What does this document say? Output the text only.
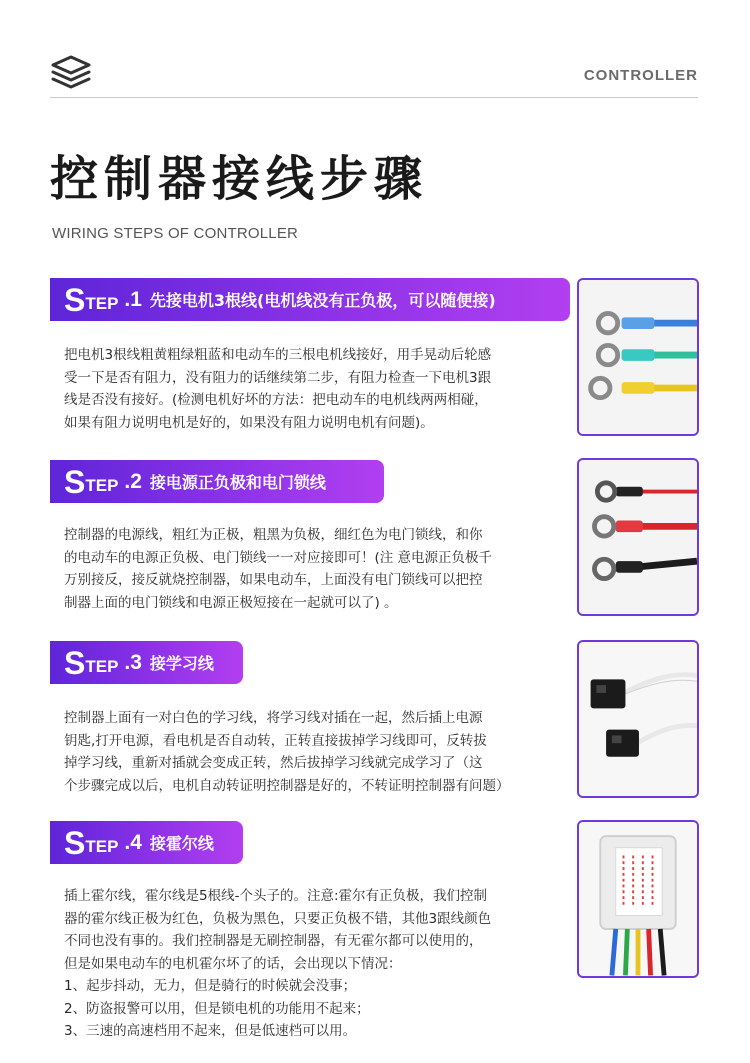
CONTROLLER
控制器接线步骤
WIRING STEPS OF CONTROLLER
S TEP .1 先接电机3根线(电机线没有正负极，可以随便接)
把电机3根线粗黄粗绿粗蓝和电动车的三根电机线接好，用手晃动后轮感
受一下是否有阻力，没有阻力的话继续第二步，有阻力检查一下电机3跟
线是否没有接好。(检测电机好坏的方法：把电动车的电机线两两相碰，
如果有阻力说明电机是好的，如果没有阻力说明电机有问题)。
S TEP .2 接电源正负极和电门锁线
控制器的电源线，粗红为正极，粗黑为负极，细红色为电门锁线，和你
的电动车的电源正负极、电门锁线一一对应接即可！(注 意电源正负极千
万别接反，接反就烧控制器，如果电动车，上面没有电门锁线可以把控
制器上面的电门锁线和电源正极短接在一起就可以了) 。
S TEP .3 接学习线
控制器上面有一对白色的学习线，将学习线对插在一起，然后插上电源
钥匙,打开电源，看电机是否自动转，正转直接拔掉学习线即可，反转拔
掉学习线，重新对插就会变成正转，然后拔掉学习线就完成学习了（这
个步骤完成以后，电机自动转证明控制器是好的，不转证明控制器有问题）
S TEP .4 接霍尔线
插上霍尔线，霍尔线是5根线-个头子的。注意:霍尔有正负极，我们控制
器的霍尔线正极为红色，负极为黑色，只要正负极不错，其他3跟线颜色
不同也没有事的。我们控制器是无刷控制器，有无霍尔都可以使用的，
但是如果电动车的电机霍尔坏了的话，会出现以下情况：
1、起步抖动，无力，但是骑行的时候就会没事；
2、防盗报警可以用，但是锁电机的功能用不起来；
3、三速的高速档用不起来，但是低速档可以用。
